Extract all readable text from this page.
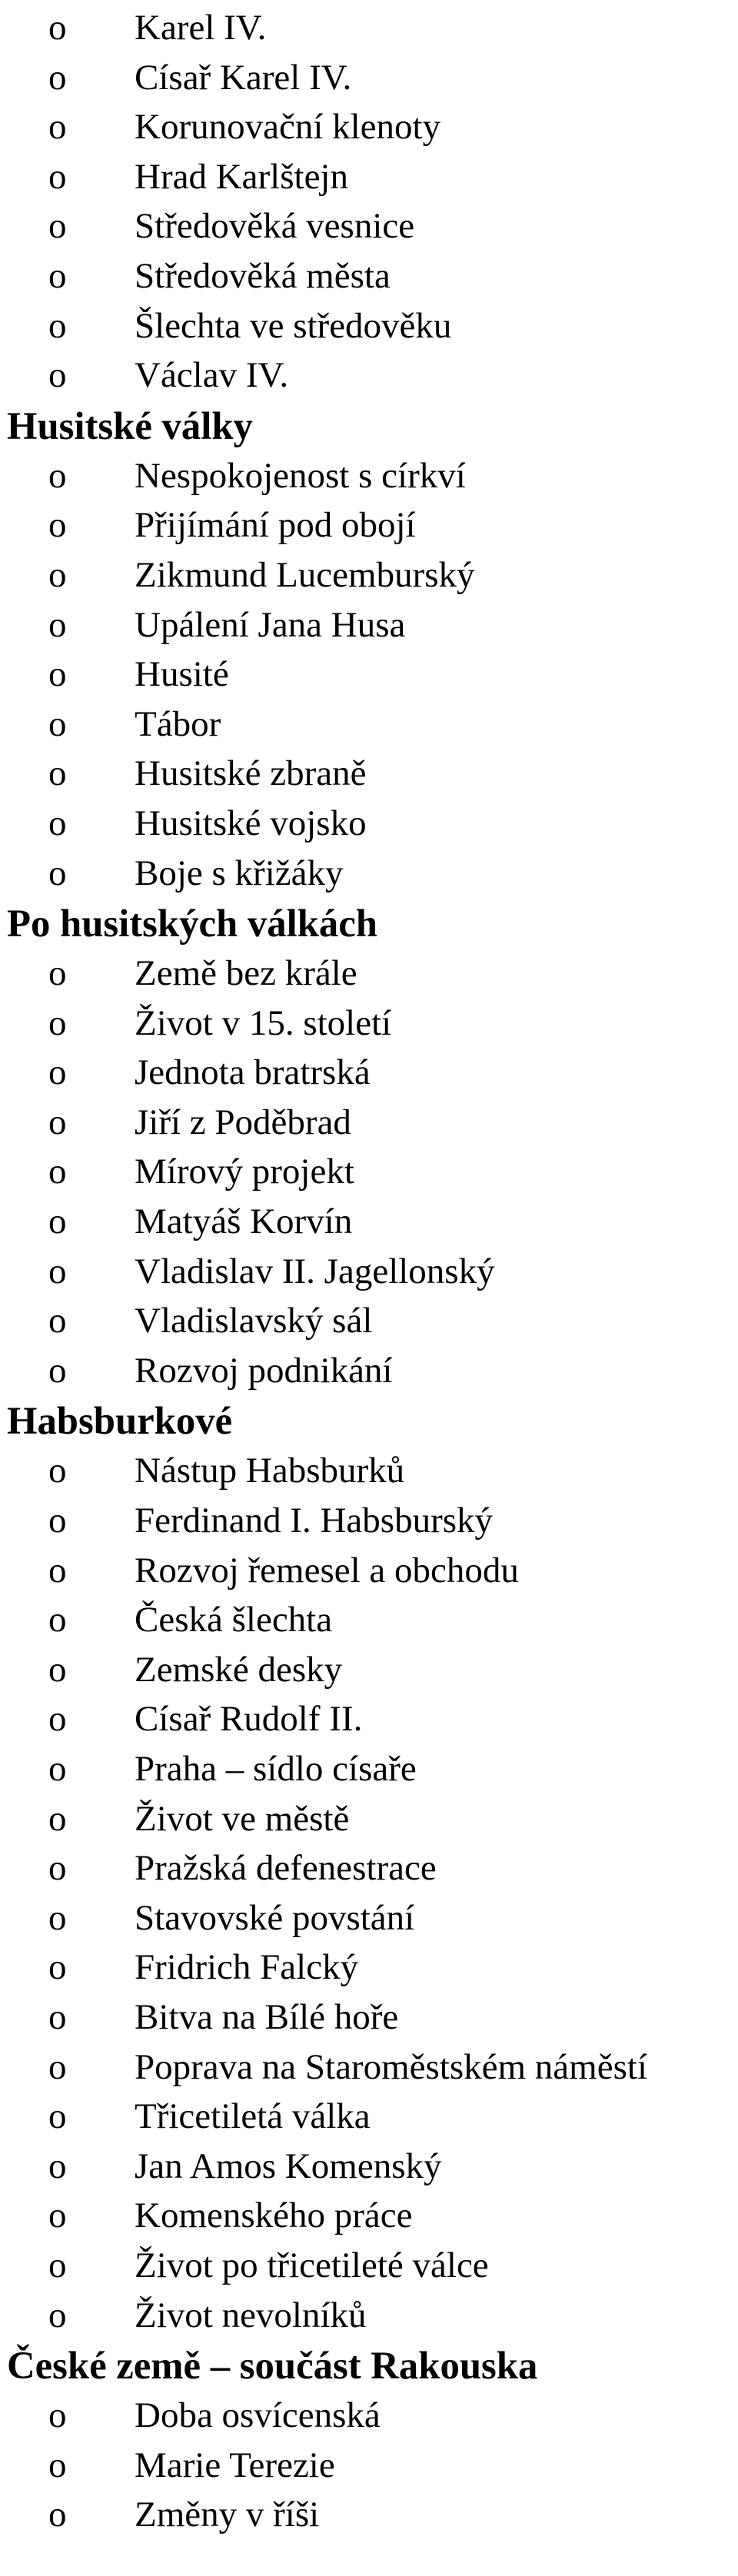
o Karel IV.
o Císař Karel IV.
o Korunovační klenoty
o Hrad Karlštejn
o Středověká vesnice
o Středověká města
o Šlechta ve středověku
o Václav IV.
Husitské války
o Nespokojenost s církví
o Přijímání pod obojí
o Zikmund Lucemburský
o Upálení Jana Husa
o Husité
o Tábor
o Husitské zbraně
o Husitské vojsko
o Boje s křižáky
Po husitských válkách
o Země bez krále
o Život v 15. století
o Jednota bratrská
o Jiří z Poděbrad
o Mírový projekt
o Matyáš Korvín
o Vladislav II. Jagellonský
o Vladislavský sál
o Rozvoj podnikání
Habsburkové
o Nástup Habsburků
o Ferdinand I. Habsburský
o Rozvoj řemesel a obchodu
o Česká šlechta
o Zemské desky
o Císař Rudolf II.
o Praha – sídlo císaře
o Život ve městě
o Pražská defenestrace
o Stavovské povstání
o Fridrich Falcký
o Bitva na Bílé hoře
o Poprava na Staroměstském náměstí
o Třicetiletá válka
o Jan Amos Komenský
o Komenského práce
o Život po třicetileté válce
o Život nevolníků
České země – součást Rakouska
o Doba osvícenská
o Marie Terezie
o Změny v říši
